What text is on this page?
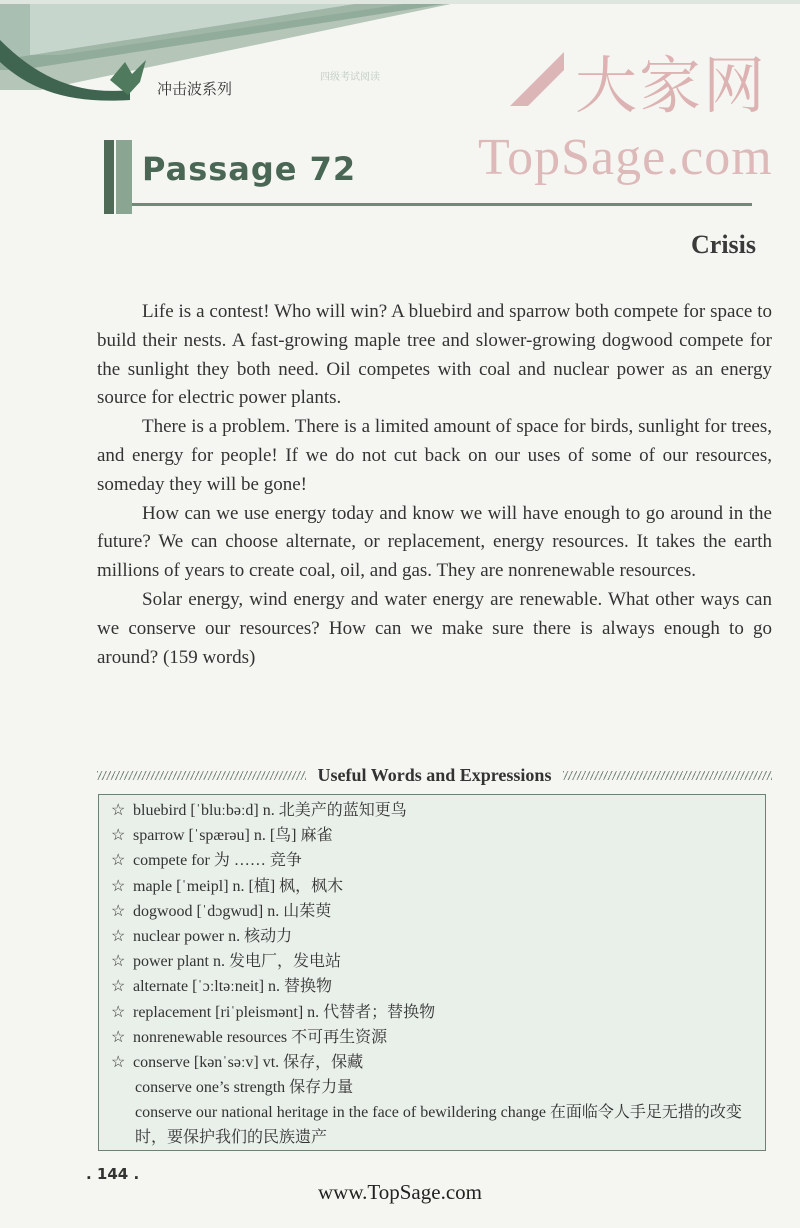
冲击波系列
四级考试阅读	大家网
TopSage.com
Passage 72
Crisis

Life is a contest! Who will win? A bluebird and sparrow both compete for space to build their nests. A fast-growing maple tree and slower-growing dogwood compete for the sunlight they both need. Oil competes with coal and nuclear power as an energy source for electric power plants.

There is a problem. There is a limited amount of space for birds, sunlight for trees, and energy for people! If we do not cut back on our uses of some of our resources, someday they will be gone!

How can we use energy today and know we will have enough to go around in the future? We can choose alternate, or replacement, energy resources. It takes the earth millions of years to create coal, oil, and gas. They are nonrenewable resources.

Solar energy, wind energy and water energy are renewable. What other ways can we conserve our resources? How can we make sure there is always enough to go around? (159 words)

Useful Words and Expressions
☆ bluebird [ˈbluːbəːd] n. 北美产的蓝知更鸟
☆ sparrow [ˈspærəu] n. [鸟] 麻雀
☆ compete for 为 …… 竞争
☆ maple [ˈmeipl] n. [植] 枫，枫木
☆ dogwood [ˈdɔgwud] n. 山茱萸
☆ nuclear power n. 核动力
☆ power plant n. 发电厂，发电站
☆ alternate [ˈɔːltəːneit] n. 替换物
☆ replacement [riˈpleismənt] n. 代替者；替换物
☆ nonrenewable resources 不可再生资源
☆ conserve [kənˈsəːv] vt. 保存，保藏
conserve one’s strength 保存力量
conserve our national heritage in the face of bewildering change 在面临令人手足无措的改变时，要保护我们的民族遗产
. 144 .
www.TopSage.com
